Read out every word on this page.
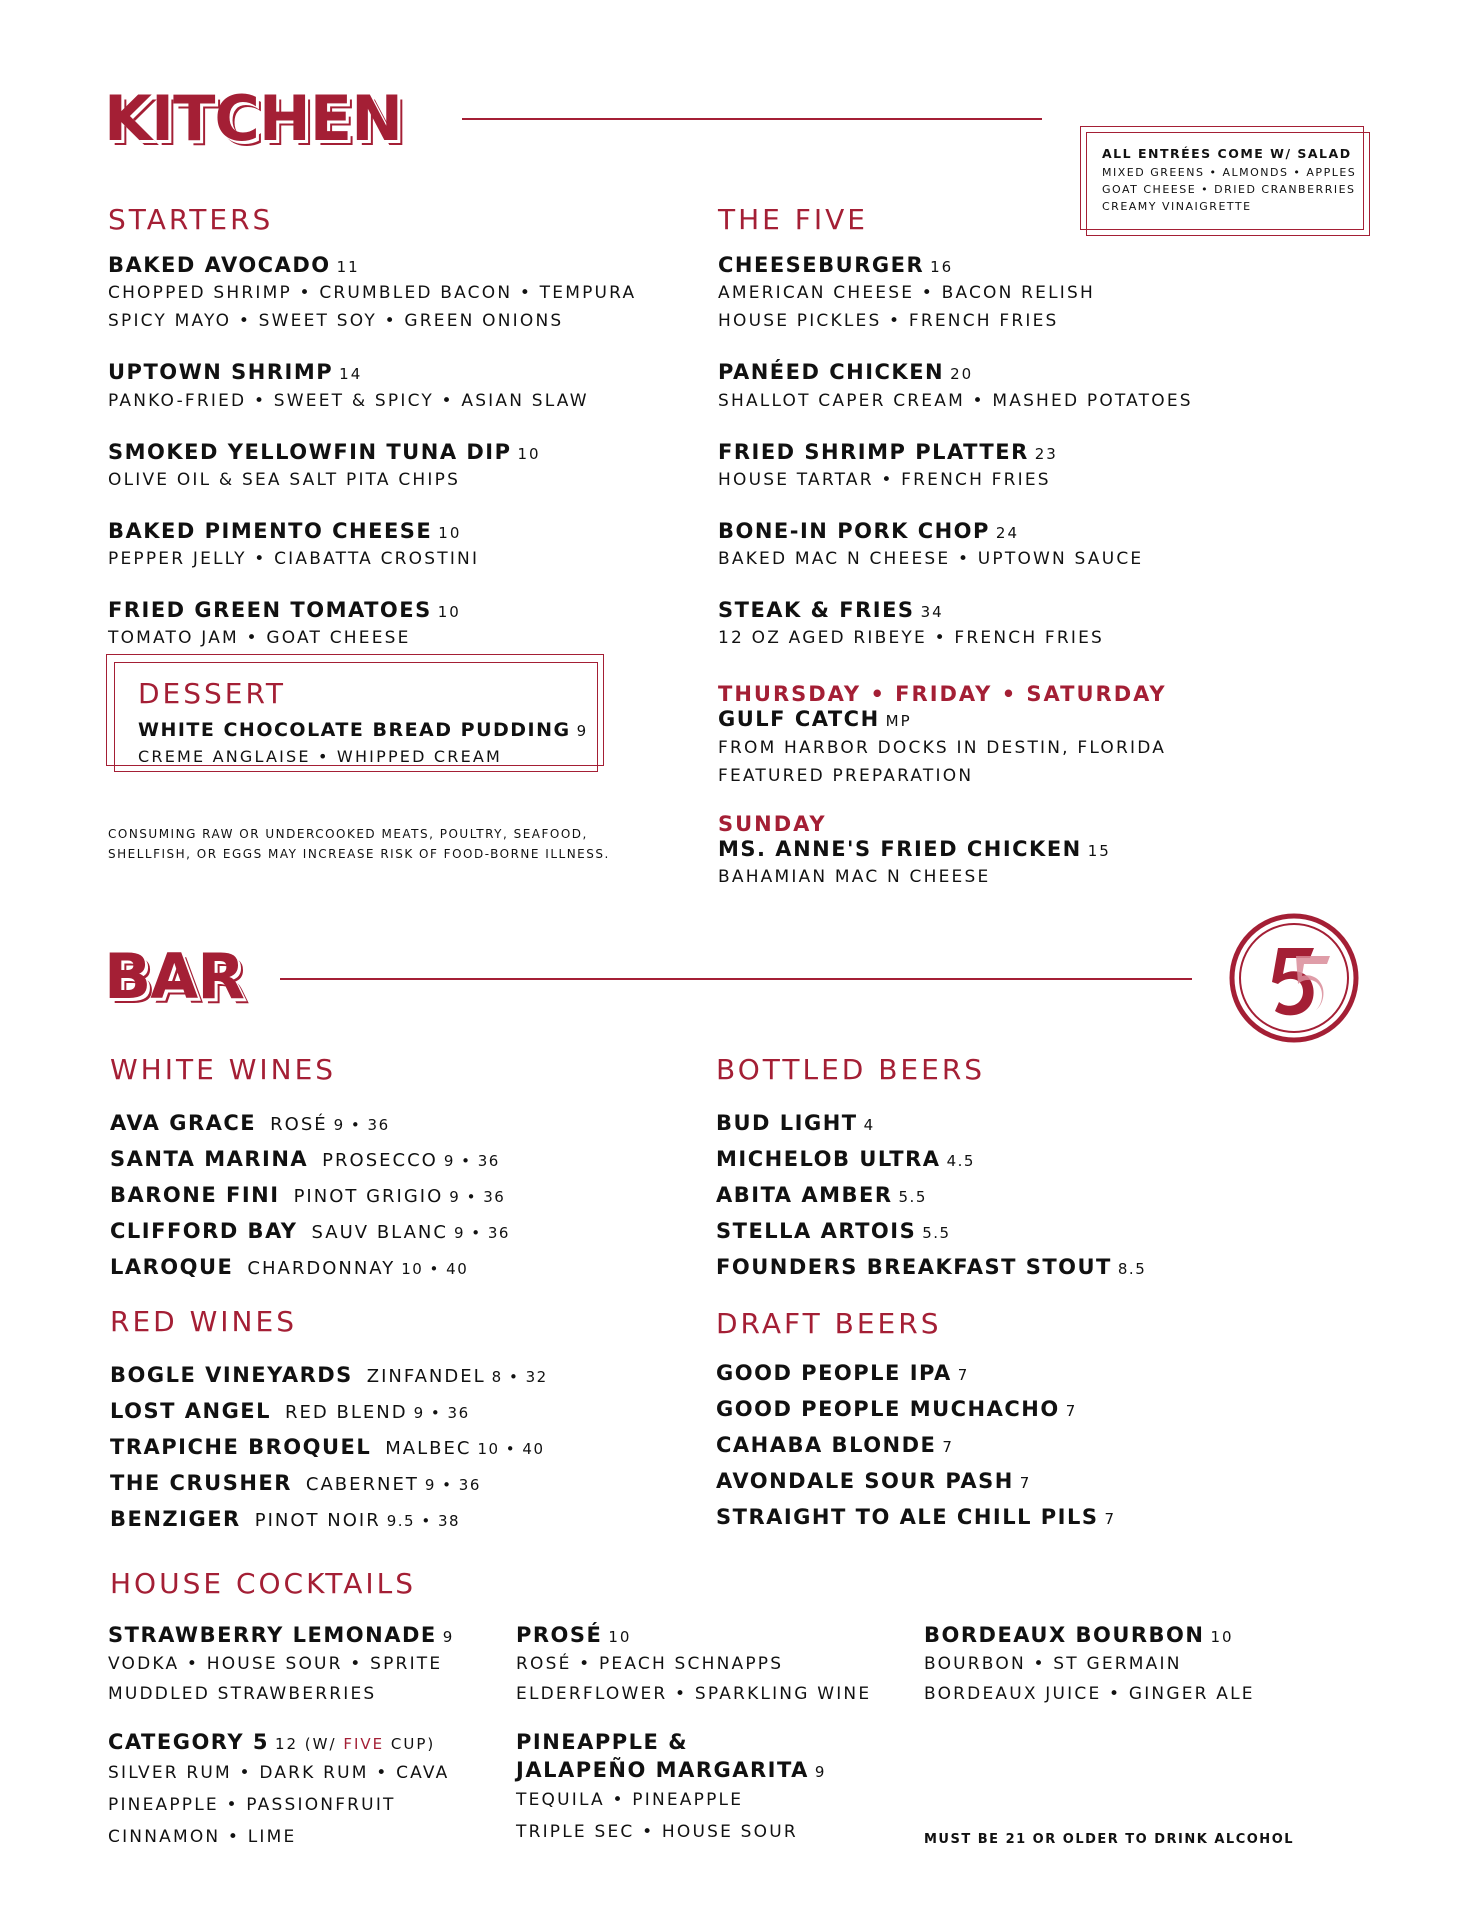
KITCHEN	ALL ENTRÉES COME W/ SALAD
MIXED GREENS • ALMONDS • APPLES
GOAT CHEESE • DRIED CRANBERRIES
CREAMY VINAIGRETTE
STARTERS
BAKED AVOCADO 11
CHOPPED SHRIMP • CRUMBLED BACON • TEMPURA
SPICY MAYO • SWEET SOY • GREEN ONIONS
UPTOWN SHRIMP 14
PANKO-FRIED • SWEET & SPICY • ASIAN SLAW
SMOKED YELLOWFIN TUNA DIP 10
OLIVE OIL & SEA SALT PITA CHIPS
BAKED PIMENTO CHEESE 10
PEPPER JELLY • CIABATTA CROSTINI
FRIED GREEN TOMATOES 10
TOMATO JAM • GOAT CHEESE
DESSERT
WHITE CHOCOLATE BREAD PUDDING 9
CREME ANGLAISE • WHIPPED CREAM
CONSUMING RAW OR UNDERCOOKED MEATS, POULTRY, SEAFOOD,
SHELLFISH, OR EGGS MAY INCREASE RISK OF FOOD-BORNE ILLNESS.
THE FIVE
CHEESEBURGER 16
AMERICAN CHEESE • BACON RELISH
HOUSE PICKLES • FRENCH FRIES
PANÉED CHICKEN 20
SHALLOT CAPER CREAM • MASHED POTATOES
FRIED SHRIMP PLATTER 23
HOUSE TARTAR • FRENCH FRIES
BONE-IN PORK CHOP 24
BAKED MAC N CHEESE • UPTOWN SAUCE
STEAK & FRIES 34
12 OZ AGED RIBEYE • FRENCH FRIES
THURSDAY • FRIDAY • SATURDAY
GULF CATCH MP
FROM HARBOR DOCKS IN DESTIN, FLORIDA
FEATURED PREPARATION
SUNDAY
MS. ANNE'S FRIED CHICKEN 15
BAHAMIAN MAC N CHEESE
BAR
WHITE WINES
AVA GRACE ROSÉ 9 • 36
SANTA MARINA PROSECCO 9 • 36
BARONE FINI PINOT GRIGIO 9 • 36
CLIFFORD BAY SAUV BLANC 9 • 36
LAROQUE CHARDONNAY 10 • 40
RED WINES
BOGLE VINEYARDS ZINFANDEL 8 • 32
LOST ANGEL RED BLEND 9 • 36
TRAPICHE BROQUEL MALBEC 10 • 40
THE CRUSHER CABERNET 9 • 36
BENZIGER PINOT NOIR 9.5 • 38
BOTTLED BEERS
BUD LIGHT 4
MICHELOB ULTRA 4.5
ABITA AMBER 5.5
STELLA ARTOIS 5.5
FOUNDERS BREAKFAST STOUT 8.5
DRAFT BEERS
GOOD PEOPLE IPA 7
GOOD PEOPLE MUCHACHO 7
CAHABA BLONDE 7
AVONDALE SOUR PASH 7
STRAIGHT TO ALE CHILL PILS 7
HOUSE COCKTAILS
STRAWBERRY LEMONADE 9
VODKA • HOUSE SOUR • SPRITE
MUDDLED STRAWBERRIES
CATEGORY 5 12 (W/ FIVE CUP)
SILVER RUM • DARK RUM • CAVA
PINEAPPLE • PASSIONFRUIT
CINNAMON • LIME
PROSÉ 10
ROSÉ • PEACH SCHNAPPS
ELDERFLOWER • SPARKLING WINE
PINEAPPLE &
JALAPEÑO MARGARITA 9
TEQUILA • PINEAPPLE
TRIPLE SEC • HOUSE SOUR
BORDEAUX BOURBON 10
BOURBON • ST GERMAIN
BORDEAUX JUICE • GINGER ALE
MUST BE 21 OR OLDER TO DRINK ALCOHOL
